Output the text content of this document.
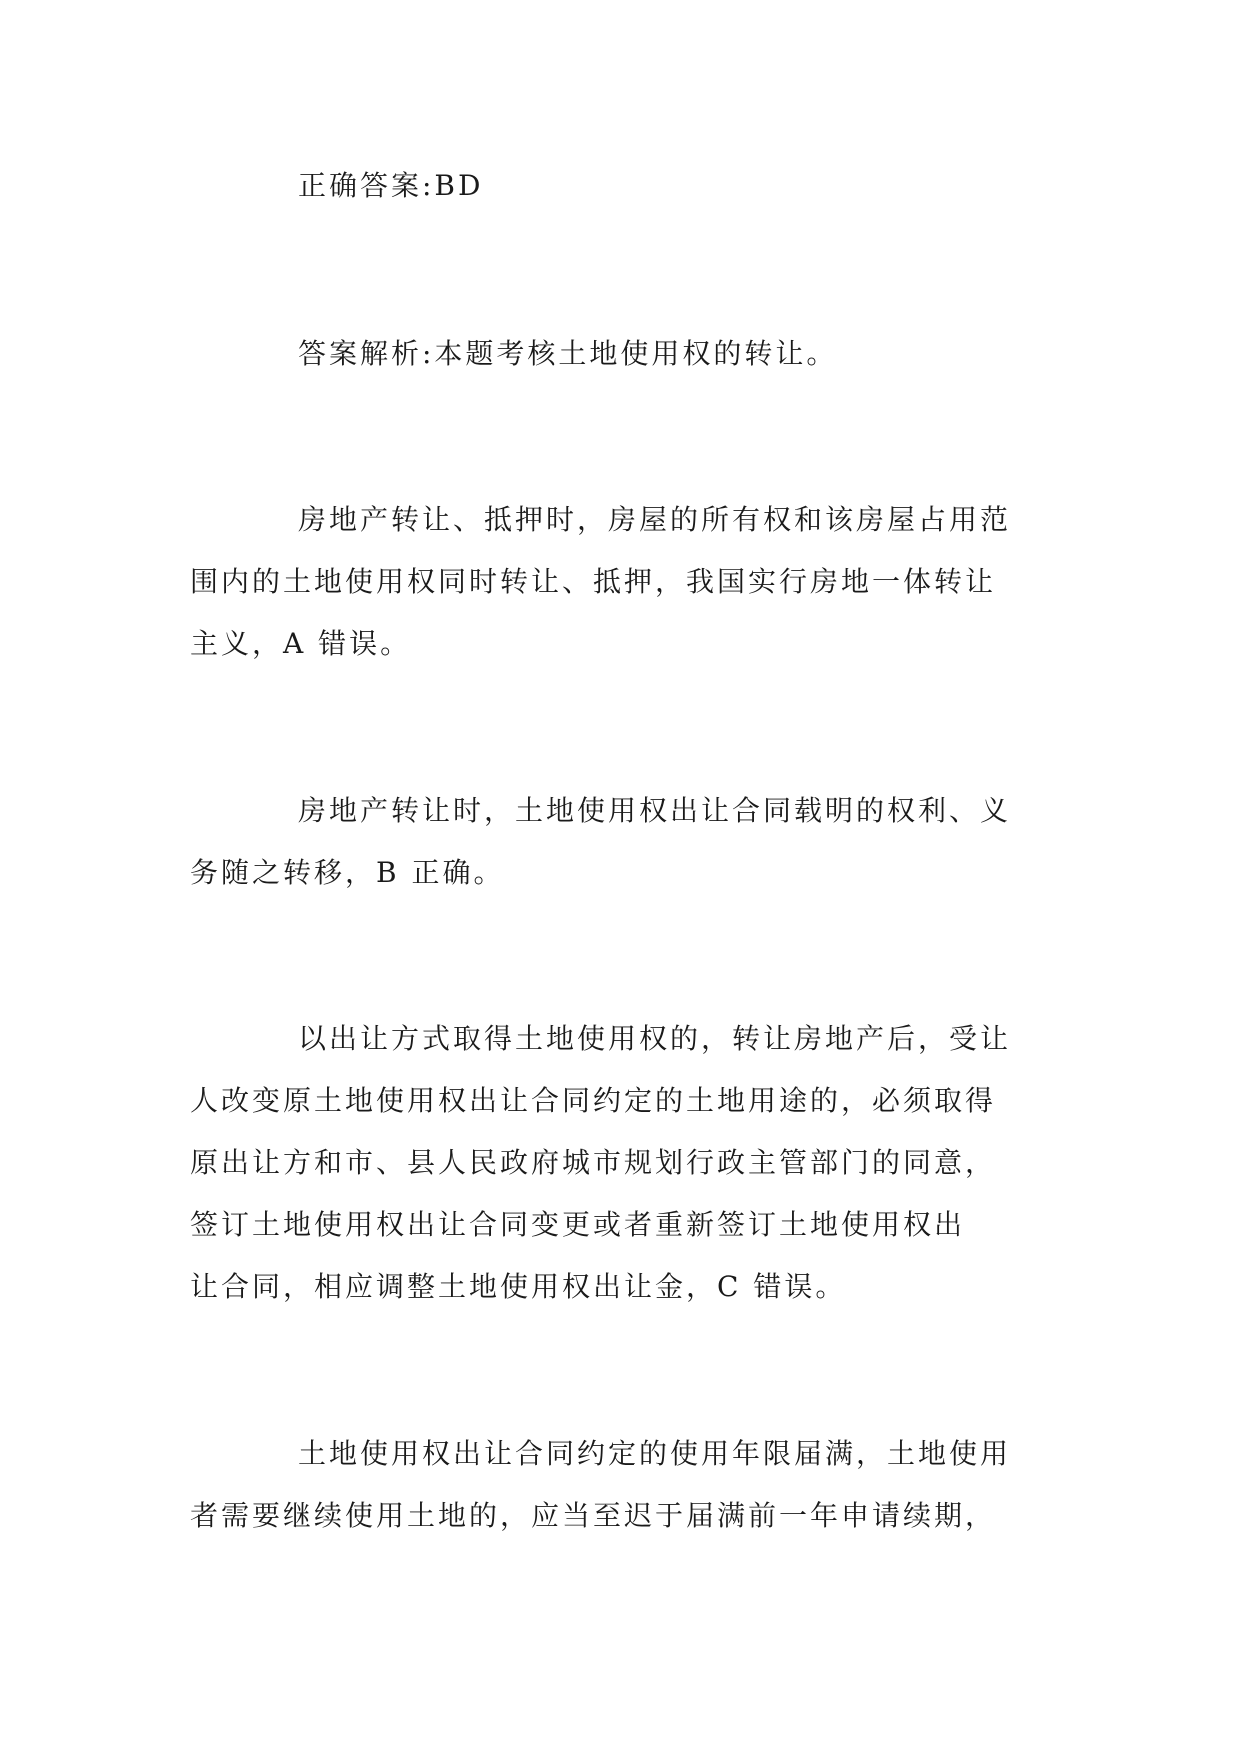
正确答案:BD
答案解析:本题考核土地使用权的转让。
房地产转让、抵押时，房屋的所有权和该房屋占用范
围内的土地使用权同时转让、抵押，我国实行房地一体转让
主义，A 错误。
房地产转让时，土地使用权出让合同载明的权利、义
务随之转移，B 正确。
以出让方式取得土地使用权的，转让房地产后，受让
人改变原土地使用权出让合同约定的土地用途的，必须取得
原出让方和市、县人民政府城市规划行政主管部门的同意，
签订土地使用权出让合同变更或者重新签订土地使用权出
让合同，相应调整土地使用权出让金，C 错误。
土地使用权出让合同约定的使用年限届满，土地使用
者需要继续使用土地的，应当至迟于届满前一年申请续期，
